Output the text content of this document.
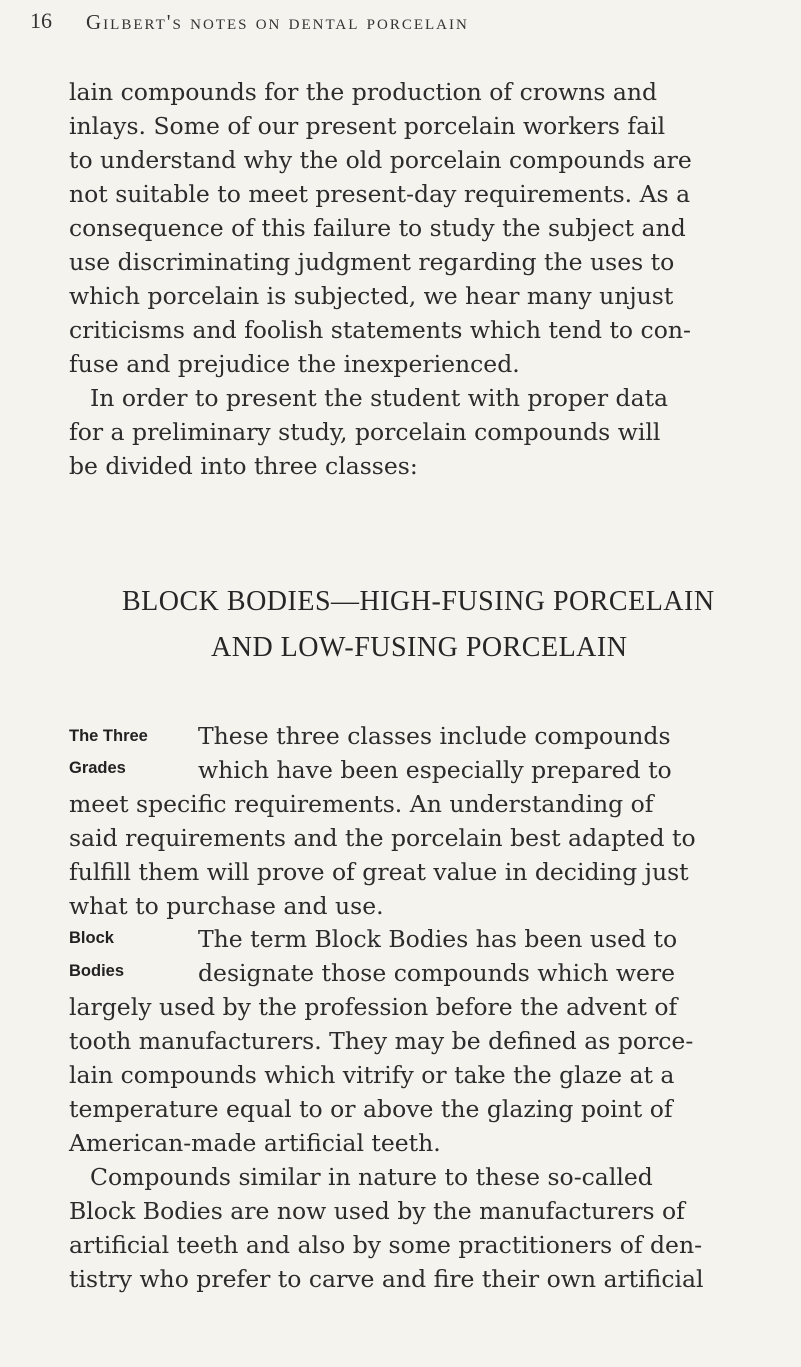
16 Gilbert's notes on dental porcelain
lain compounds for the production of crowns and
inlays. Some of our present porcelain workers fail
to understand why the old porcelain compounds are
not suitable to meet present-day requirements. As a
consequence of this failure to study the subject and
use discriminating judgment regarding the uses to
which porcelain is subjected, we hear many unjust
criticisms and foolish statements which tend to con-
fuse and prejudice the inexperienced.
In order to present the student with proper data
for a preliminary study, porcelain compounds will
be divided into three classes:
BLOCK BODIES—HIGH-FUSING PORCELAIN
AND LOW-FUSING PORCELAIN
The Three
Grades
These three classes include compounds
which have been especially prepared to
meet specific requirements. An understanding of
said requirements and the porcelain best adapted to
fulfill them will prove of great value in deciding just
what to purchase and use.
Block
Bodies
The term Block Bodies has been used to
designate those compounds which were
largely used by the profession before the advent of
tooth manufacturers. They may be defined as porce-
lain compounds which vitrify or take the glaze at a
temperature equal to or above the glazing point of
American-made artificial teeth.
Compounds similar in nature to these so-called
Block Bodies are now used by the manufacturers of
artificial teeth and also by some practitioners of den-
tistry who prefer to carve and fire their own artificial
